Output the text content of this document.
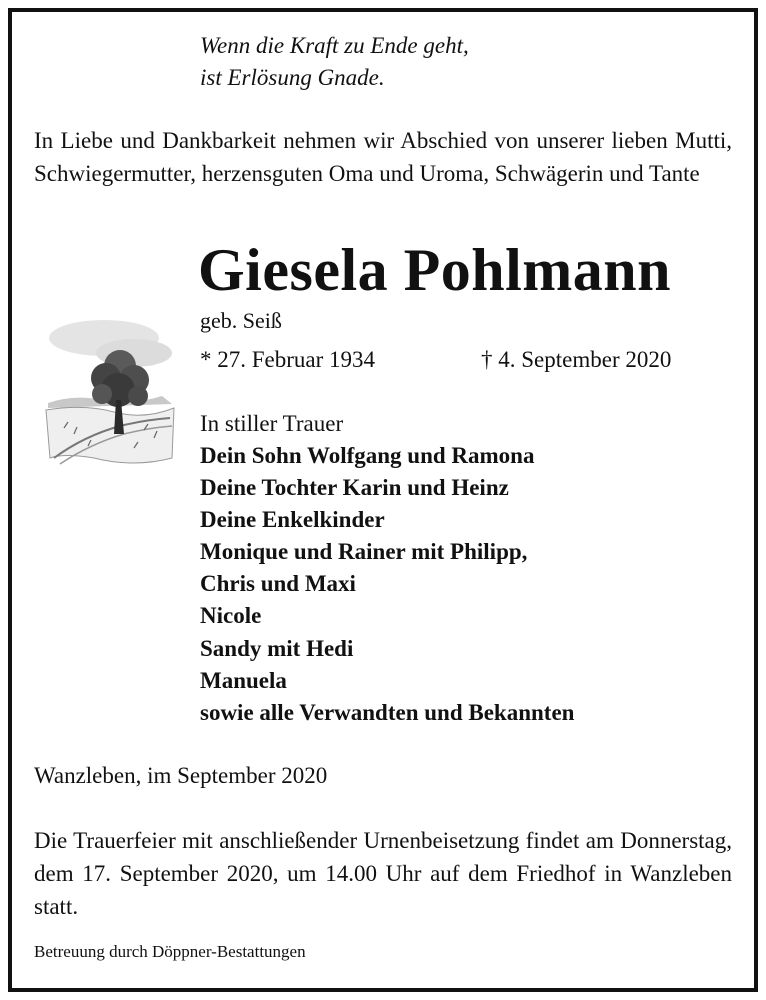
Wenn die Kraft zu Ende geht,
ist Erlösung Gnade.
In Liebe und Dankbarkeit nehmen wir Abschied von unserer lieben Mutti, Schwiegermutter, herzensguten Oma und Uroma, Schwägerin und Tante
Giesela Pohlmann
geb. Seiß
* 27. Februar 1934	† 4. September 2020
In stiller Trauer
Dein Sohn Wolfgang und Ramona
Deine Tochter Karin und Heinz
Deine Enkelkinder
Monique und Rainer mit Philipp,
Chris und Maxi
Nicole
Sandy mit Hedi
Manuela
sowie alle Verwandten und Bekannten
Wanzleben, im September 2020
Die Trauerfeier mit anschließender Urnenbeisetzung findet am Donnerstag, dem 17. September 2020, um 14.00 Uhr auf dem Friedhof in Wanzleben statt.
Betreuung durch Döppner-Bestattungen
